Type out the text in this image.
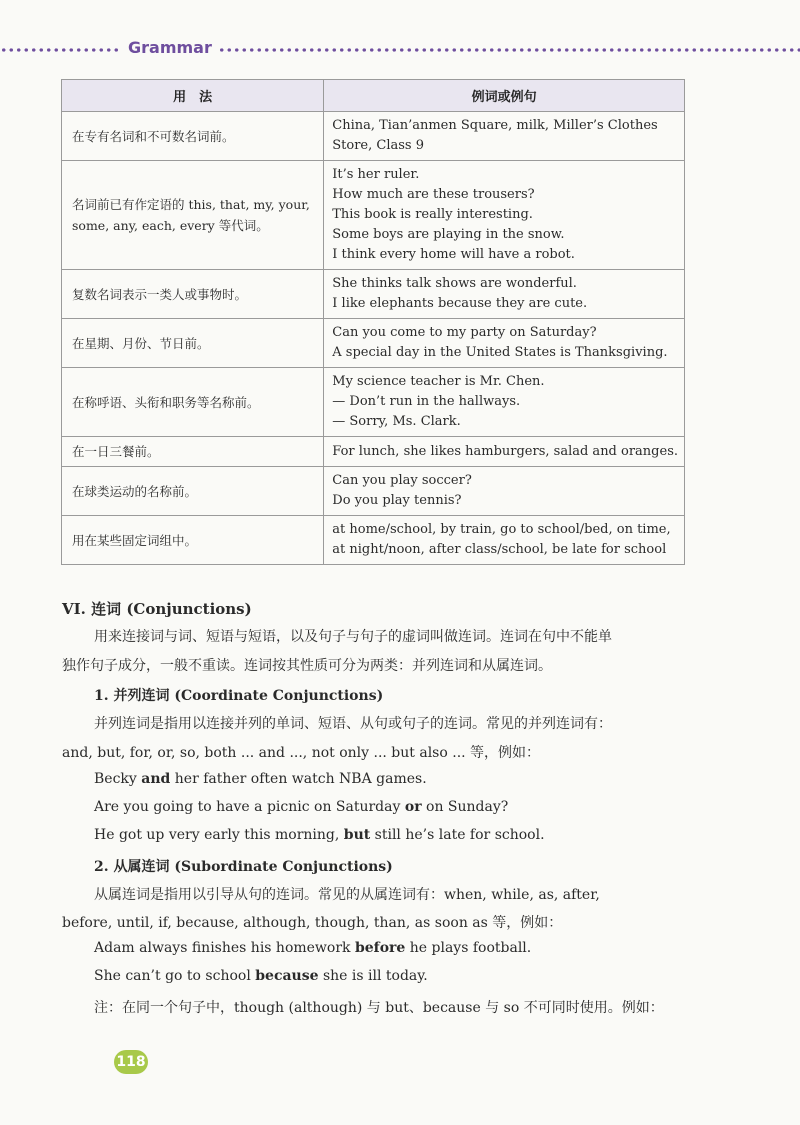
Grammar
用　法	例词或例句
在专有名词和不可数名词前。	China, Tian’anmen Square, milk, Miller’s Clothes
Store, Class 9

名词前已有作定语的 this, that, my, your, some, any, each, every 等代词。	It’s her ruler.
How much are these trousers?
This book is really interesting.
Some boys are playing in the snow.
I think every home will have a robot.

复数名词表示一类人或事物时。	She thinks talk shows are wonderful.
I like elephants because they are cute.

在星期、月份、节日前。	Can you come to my party on Saturday?
A special day in the United States is Thanksgiving.

在称呼语、头衔和职务等名称前。	My science teacher is Mr. Chen.
— Don’t run in the hallways.
— Sorry, Ms. Clark.

在一日三餐前。	For lunch, she likes hamburgers, salad and oranges.

在球类运动的名称前。	Can you play soccer?
Do you play tennis?

用在某些固定词组中。	at home/school, by train, go to school/bed, on time,
at night/noon, after class/school, be late for school
VI. 连词 (Conjunctions)
用来连接词与词、短语与短语，以及句子与句子的虚词叫做连词。连词在句中不能单
独作句子成分，一般不重读。连词按其性质可分为两类：并列连词和从属连词。
1. 并列连词 (Coordinate Conjunctions)
并列连词是指用以连接并列的单词、短语、从句或句子的连词。常见的并列连词有：
and, but, for, or, so, both ... and ..., not only ... but also ... 等，例如：
Becky and her father often watch NBA games.
Are you going to have a picnic on Saturday or on Sunday?
He got up very early this morning, but still he’s late for school.
2. 从属连词 (Subordinate Conjunctions)
从属连词是指用以引导从句的连词。常见的从属连词有：when, while, as, after,
before, until, if, because, although, though, than, as soon as 等，例如：
Adam always finishes his homework before he plays football.
She can’t go to school because she is ill today.
注：在同一个句子中，though (although) 与 but、because 与 so 不可同时使用。例如：
118
